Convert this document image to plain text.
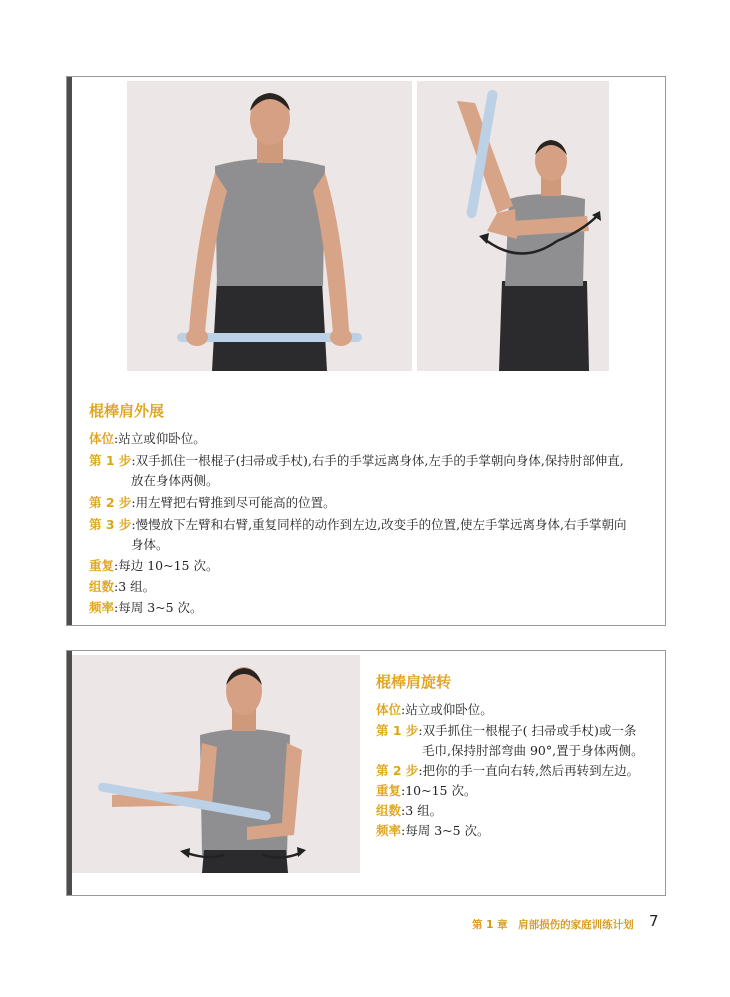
棍棒肩外展
体位:站立或仰卧位。
第 1 步:双手抓住一根棍子(扫帚或手杖),右手的手掌远离身体,左手的手掌朝向身体,保持肘部伸直,
放在身体两侧。
第 2 步:用左臂把右臂推到尽可能高的位置。
第 3 步:慢慢放下左臂和右臂,重复同样的动作到左边,改变手的位置,使左手掌远离身体,右手掌朝向
身体。
重复:每边 10~15 次。
组数:3 组。
频率:每周 3~5 次。
棍棒肩旋转
体位:站立或仰卧位。
第 1 步:双手抓住一根棍子( 扫帚或手杖)或一条
毛巾,保持肘部弯曲 90°,置于身体两侧。
第 2 步:把你的手一直向右转,然后再转到左边。
重复:10~15 次。
组数:3 组。
频率:每周 3~5 次。
第 1 章　肩部损伤的家庭训练计划 7
